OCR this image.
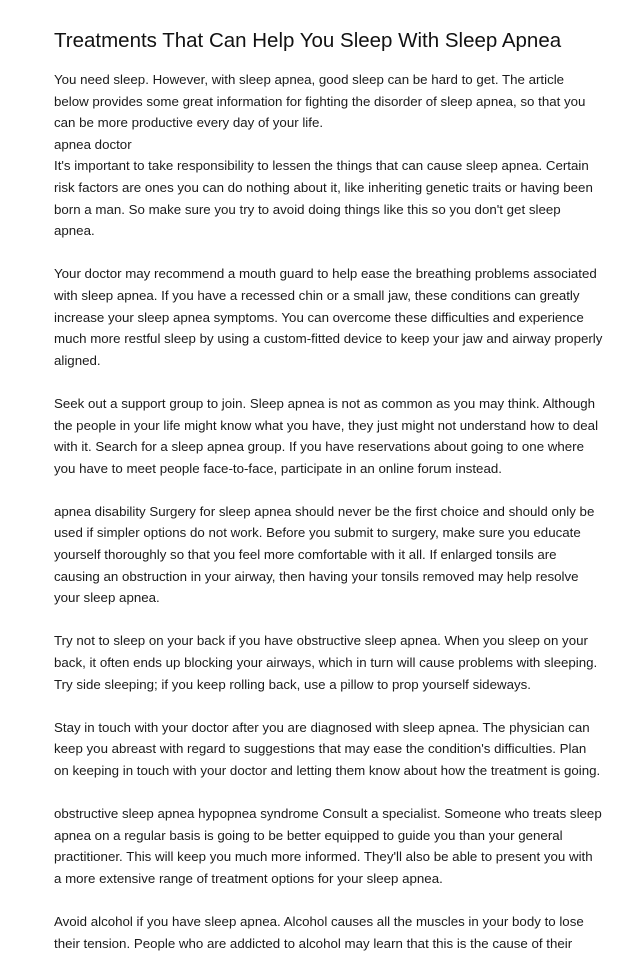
Treatments That Can Help You Sleep With Sleep Apnea

You need sleep. However, with sleep apnea, good sleep can be hard to get. The article
below provides some great information for fighting the disorder of sleep apnea, so that you
can be more productive every day of your life.
apnea doctor
It's important to take responsibility to lessen the things that can cause sleep apnea. Certain
risk factors are ones you can do nothing about it, like inheriting genetic traits or having been
born a man. So make sure you try to avoid doing things like this so you don't get sleep
apnea.

Your doctor may recommend a mouth guard to help ease the breathing problems associated
with sleep apnea. If you have a recessed chin or a small jaw, these conditions can greatly
increase your sleep apnea symptoms. You can overcome these difficulties and experience
much more restful sleep by using a custom-fitted device to keep your jaw and airway properly
aligned.

Seek out a support group to join. Sleep apnea is not as common as you may think. Although
the people in your life might know what you have, they just might not understand how to deal
with it. Search for a sleep apnea group. If you have reservations about going to one where
you have to meet people face-to-face, participate in an online forum instead.

apnea disability Surgery for sleep apnea should never be the first choice and should only be
used if simpler options do not work. Before you submit to surgery, make sure you educate
yourself thoroughly so that you feel more comfortable with it all. If enlarged tonsils are
causing an obstruction in your airway, then having your tonsils removed may help resolve
your sleep apnea.

Try not to sleep on your back if you have obstructive sleep apnea. When you sleep on your
back, it often ends up blocking your airways, which in turn will cause problems with sleeping.
Try side sleeping; if you keep rolling back, use a pillow to prop yourself sideways.

Stay in touch with your doctor after you are diagnosed with sleep apnea. The physician can
keep you abreast with regard to suggestions that may ease the condition's difficulties. Plan
on keeping in touch with your doctor and letting them know about how the treatment is going.

obstructive sleep apnea hypopnea syndrome Consult a specialist. Someone who treats sleep
apnea on a regular basis is going to be better equipped to guide you than your general
practitioner. This will keep you much more informed. They'll also be able to present you with
a more extensive range of treatment options for your sleep apnea.

Avoid alcohol if you have sleep apnea. Alcohol causes all the muscles in your body to lose
their tension. People who are addicted to alcohol may learn that this is the cause of their
